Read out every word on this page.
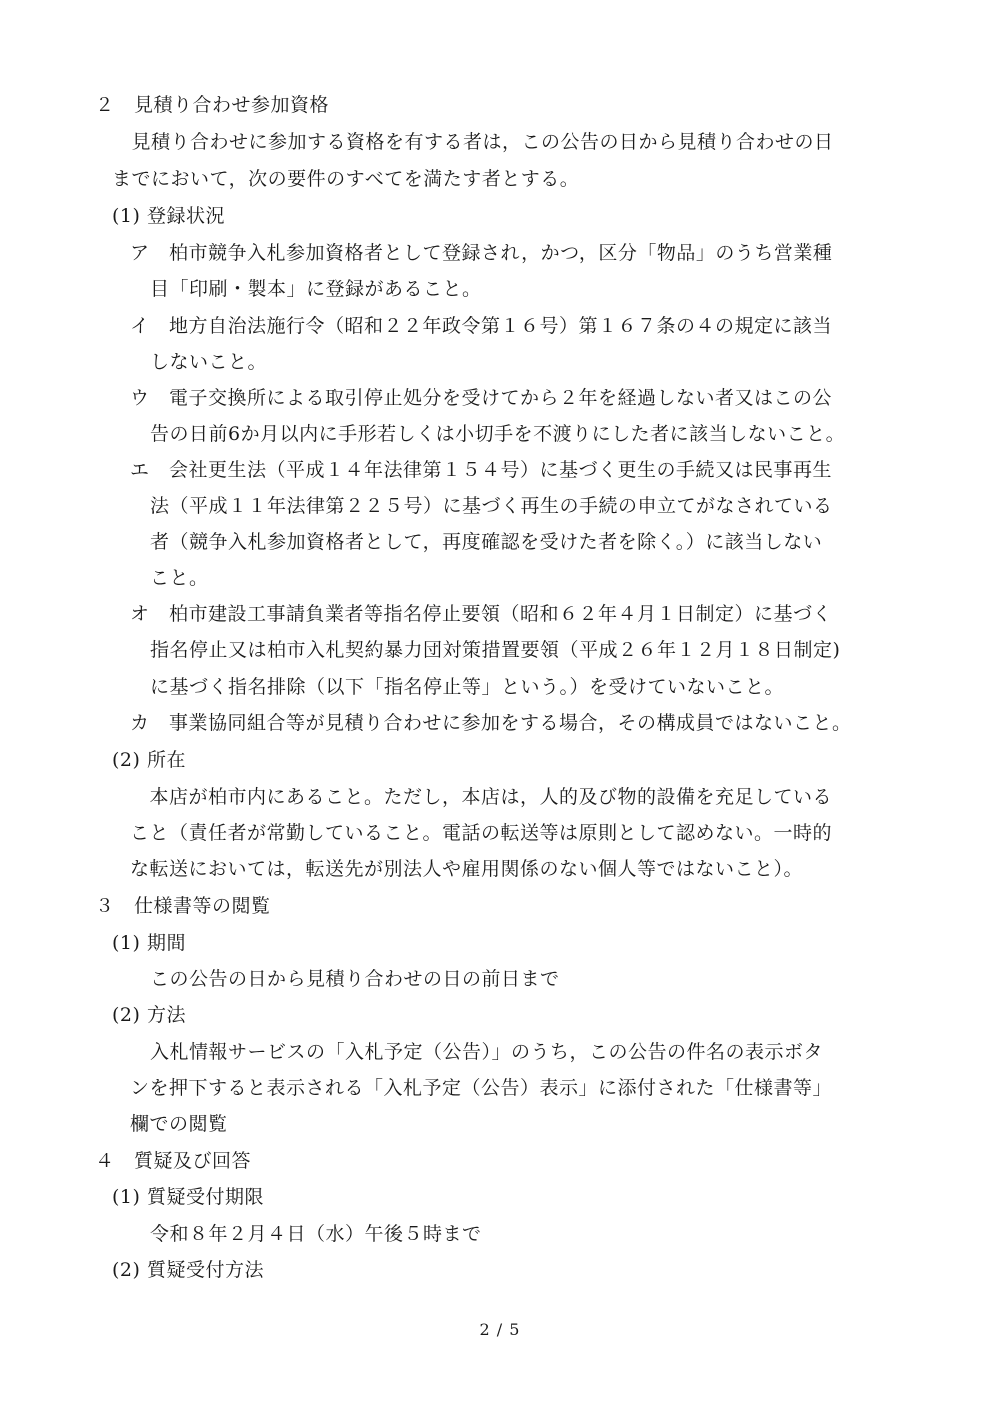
２　見積り合わせ参加資格
　見積り合わせに参加する資格を有する者は，この公告の日から見積り合わせの日
までにおいて，次の要件のすべてを満たす者とする。
(1) 登録状況
ア　柏市競争入札参加資格者として登録され，かつ，区分「物品」のうち営業種
目「印刷・製本」に登録があること。
イ　地方自治法施行令（昭和２２年政令第１６号）第１６７条の４の規定に該当
しないこと。
ウ　電子交換所による取引停止処分を受けてから２年を経過しない者又はこの公
告の日前6か月以内に手形若しくは小切手を不渡りにした者に該当しないこと。
エ　会社更生法（平成１４年法律第１５４号）に基づく更生の手続又は民事再生
法（平成１１年法律第２２５号）に基づく再生の手続の申立てがなされている
者（競争入札参加資格者として，再度確認を受けた者を除く。）に該当しない
こと。
オ　柏市建設工事請負業者等指名停止要領（昭和６２年４月１日制定）に基づく
指名停止又は柏市入札契約暴力団対策措置要領（平成２６年１２月１８日制定)
に基づく指名排除（以下「指名停止等」という。）を受けていないこと。
カ　事業協同組合等が見積り合わせに参加をする場合，その構成員ではないこと。
(2) 所在
　本店が柏市内にあること。ただし，本店は，人的及び物的設備を充足している
こと（責任者が常勤していること。電話の転送等は原則として認めない。一時的
な転送においては，転送先が別法人や雇用関係のない個人等ではないこと）。
３　仕様書等の閲覧
(1) 期間
この公告の日から見積り合わせの日の前日まで
(2) 方法
入札情報サービスの「入札予定（公告）」のうち，この公告の件名の表示ボタ
ンを押下すると表示される「入札予定（公告）表示」に添付された「仕様書等」
欄での閲覧
４　質疑及び回答
(1) 質疑受付期限
令和８年２月４日（水）午後５時まで
(2) 質疑受付方法
2 / 5
